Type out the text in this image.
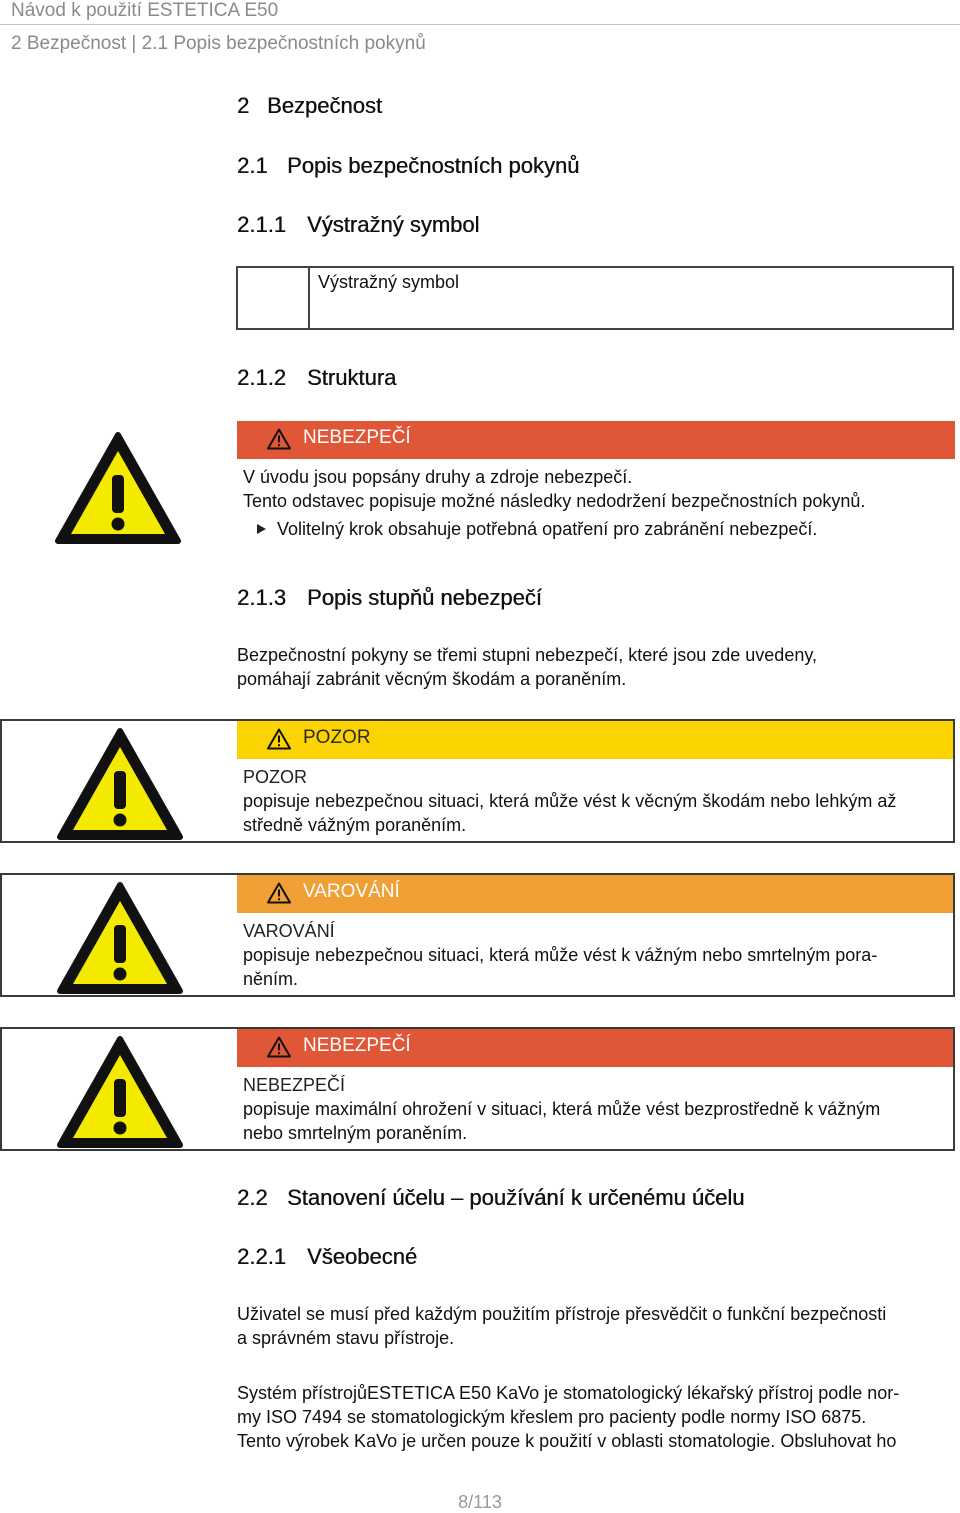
Návod k použití ESTETICA E50
2 Bezpečnost | 2.1 Popis bezpečnostních pokynů
2 Bezpečnost
2.1 Popis bezpečnostních pokynů
2.1.1 Výstražný symbol
Výstražný symbol
2.1.2 Struktura
NEBEZPEČÍ
V úvodu jsou popsány druhy a zdroje nebezpečí.
Tento odstavec popisuje možné následky nedodržení bezpečnostních pokynů.
Volitelný krok obsahuje potřebná opatření pro zabránění nebezpečí.
2.1.3 Popis stupňů nebezpečí
Bezpečnostní pokyny se třemi stupni nebezpečí, které jsou zde uvedeny,
pomáhají zabránit věcným škodám a poraněním.
POZOR
POZOR
popisuje nebezpečnou situaci, která může vést k věcným škodám nebo lehkým až
středně vážným poraněním.
VAROVÁNÍ
VAROVÁNÍ
popisuje nebezpečnou situaci, která může vést k vážným nebo smrtelným pora-
něním.
NEBEZPEČÍ
NEBEZPEČÍ
popisuje maximální ohrožení v situaci, která může vést bezprostředně k vážným
nebo smrtelným poraněním.
2.2 Stanovení účelu – používání k určenému účelu
2.2.1 Všeobecné
Uživatel se musí před každým použitím přístroje přesvědčit o funkční bezpečnosti
a správném stavu přístroje.
Systém přístrojůESTETICA E50 KaVo je stomatologický lékařský přístroj podle nor-
my ISO 7494 se stomatologickým křeslem pro pacienty podle normy ISO 6875.
Tento výrobek KaVo je určen pouze k použití v oblasti stomatologie. Obsluhovat ho
8/113
